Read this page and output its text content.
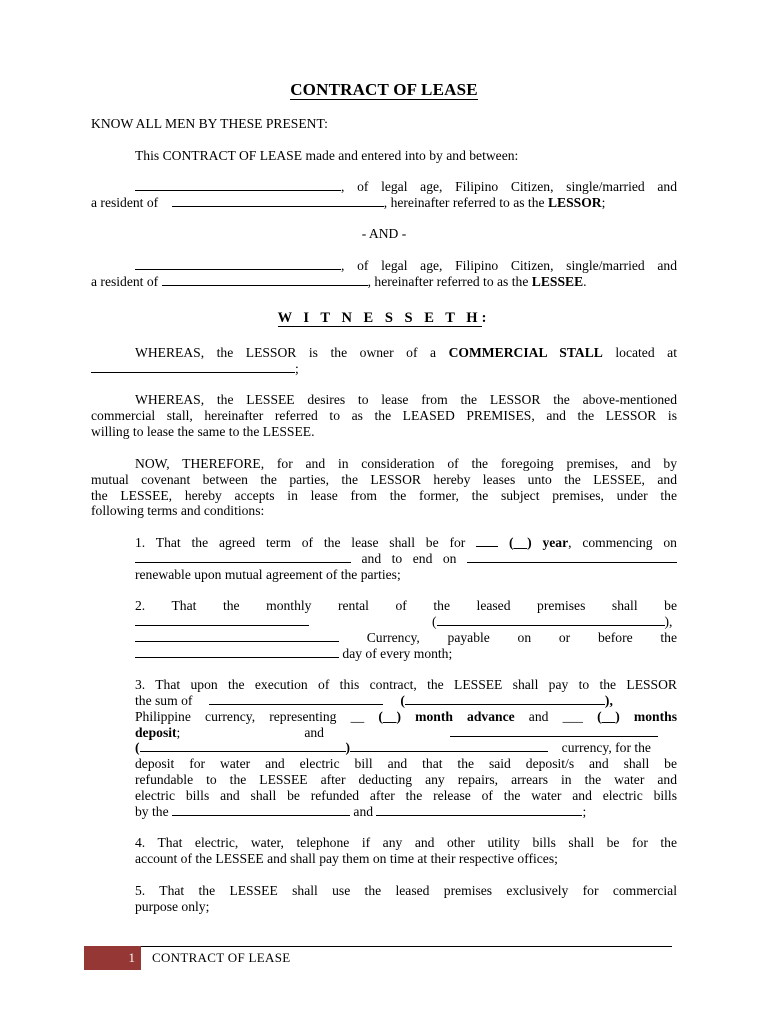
CONTRACT OF LEASE
KNOW ALL MEN BY THESE PRESENT:
This CONTRACT OF LEASE made and entered into by and between:
, of legal age, Filipino Citizen, single/married and
a resident of	, hereinafter referred to as the LESSOR;
- AND -
, of legal age, Filipino Citizen, single/married and
a resident of	, hereinafter referred to as the LESSEE.
W I T N E S S E T H:
WHEREAS, the LESSOR is the owner of a COMMERCIAL STALL located at
;
WHEREAS, the LESSEE desires to lease from the LESSOR the above-mentioned
commercial stall, hereinafter referred to as the LEASED PREMISES, and the LESSOR is
willing to lease the same to the LESSEE.
NOW, THEREFORE, for and in consideration of the foregoing premises, and by
mutual covenant between the parties, the LESSOR hereby leases unto the LESSEE, and
the LESSEE, hereby accepts in lease from the former, the subject premises, under the
following terms and conditions:
1. That the agreed term of the lease shall be for	(__) year, commencing on
and to end on
renewable upon mutual agreement of the parties;
2. That the monthly rental of the leased premises shall be
(	),
Currency, payable on or before the
day of every month;
3. That upon the execution of this contract, the LESSEE shall pay to the LESSOR
the sum of	(	),
Philippine currency, representing __ (__) month advance and ___ (__) months
deposit;	and
(	)	currency, for the
deposit for water and electric bill and that the said deposit/s and shall be
refundable to the LESSEE after deducting any repairs, arrears in the water and
electric bills and shall be refunded after the release of the water and electric bills
by the	and	;
4. That electric, water, telephone if any and other utility bills shall be for the
account of the LESSEE and shall pay them on time at their respective offices;
5. That the LESSEE shall use the leased premises exclusively for commercial
purpose only;
1	CONTRACT OF LEASE
